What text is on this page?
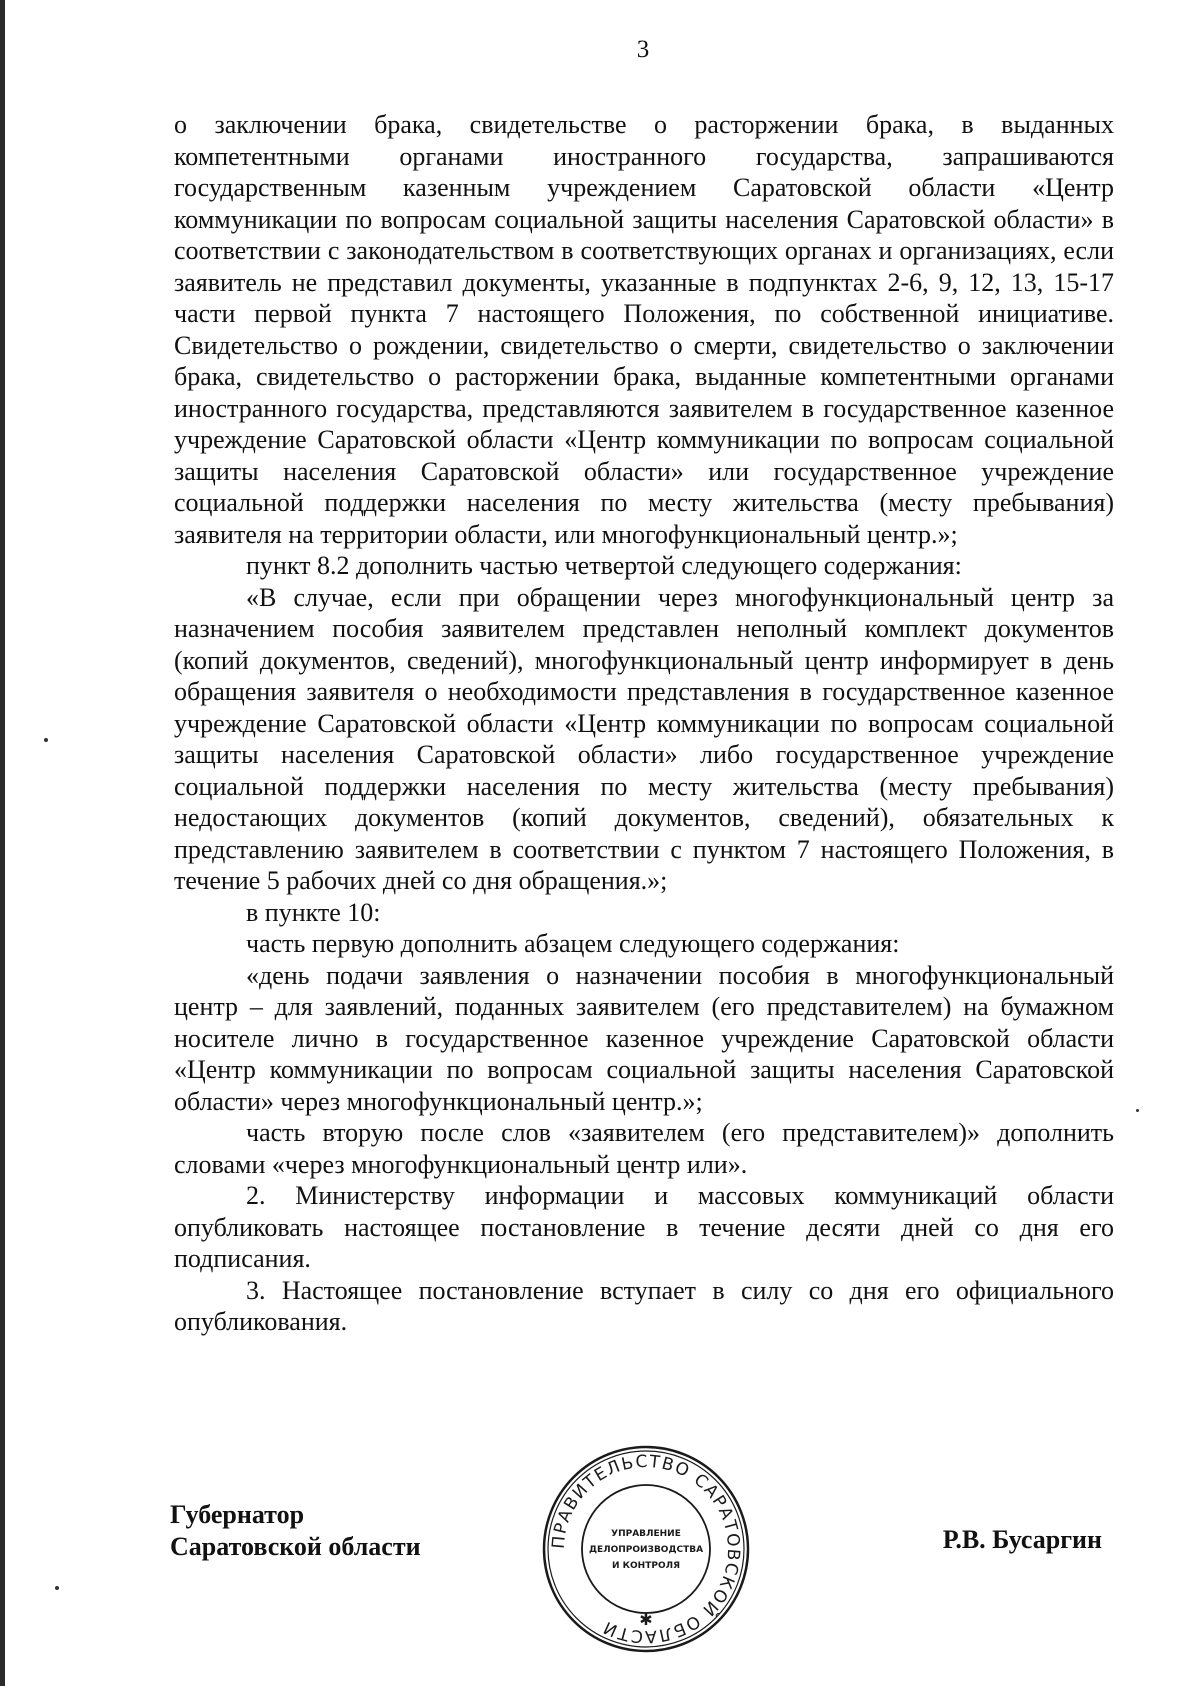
3

о заключении брака, свидетельстве о расторжении брака, в выданных компетентными органами иностранного государства, запрашиваются государственным казенным учреждением Саратовской области «Центр коммуникации по вопросам социальной защиты населения Саратовской области» в соответствии с законодательством в соответствующих органах и организациях, если заявитель не представил документы, указанные в подпунктах 2-6, 9, 12, 13, 15-17 части первой пункта 7 настоящего Положения, по собственной инициативе. Свидетельство о рождении, свидетельство о смерти, свидетельство о заключении брака, свидетельство о расторжении брака, выданные компетентными органами иностранного государства, представляются заявителем в государственное казенное учреждение Саратовской области «Центр коммуникации по вопросам социальной защиты населения Саратовской области» или государственное учреждение социальной поддержки населения по месту жительства (месту пребывания) заявителя на территории области, или многофункциональный центр.»;

пункт 8.2 дополнить частью четвертой следующего содержания:

«В случае, если при обращении через многофункциональный центр за назначением пособия заявителем представлен неполный комплект документов (копий документов, сведений), многофункциональный центр информирует в день обращения заявителя о необходимости представления в государственное казенное учреждение Саратовской области «Центр коммуникации по вопросам социальной защиты населения Саратовской области» либо государственное учреждение социальной поддержки населения по месту жительства (месту пребывания) недостающих документов (копий документов, сведений), обязательных к представлению заявителем в соответствии с пунктом 7 настоящего Положения, в течение 5 рабочих дней со дня обращения.»;

в пункте 10:

часть первую дополнить абзацем следующего содержания:

«день подачи заявления о назначении пособия в многофункциональный центр – для заявлений, поданных заявителем (его представителем) на бумажном носителе лично в государственное казенное учреждение Саратовской области «Центр коммуникации по вопросам социальной защиты населения Саратовской области» через многофункциональный центр.»;

часть вторую после слов «заявителем (его представителем)» дополнить словами «через многофункциональный центр или».

2. Министерству информации и массовых коммуникаций области опубликовать настоящее постановление в течение десяти дней со дня его подписания.

3. Настоящее постановление вступает в силу со дня его официального опубликования.

Губернатор
Саратовской области	Р.В. Бусаргин
ПРАВИТЕЛЬСТВО САРАТОВСКОЙ ОБЛАСТИ
УПРАВЛЕНИЕ
ДЕЛОПРОИЗВОДСТВА
И КОНТРОЛЯ
✱
